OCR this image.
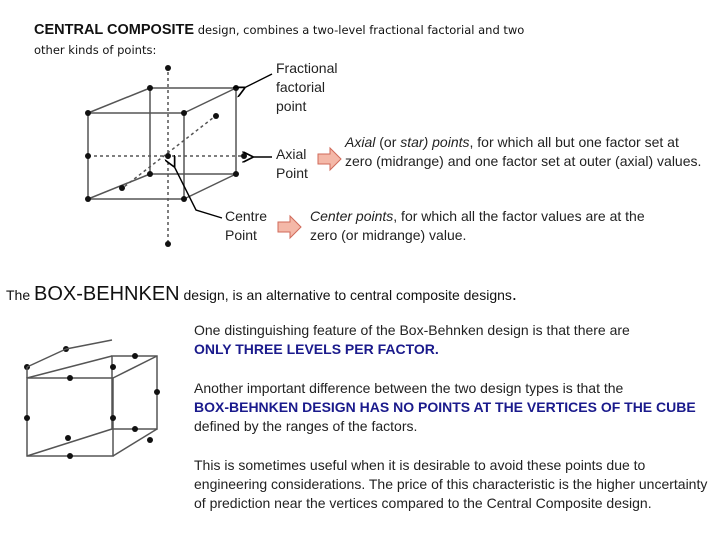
CENTRAL COMPOSITE design, combines a two-level fractional factorial and two
other kinds of points:
Fractional
factorial
point
Axial
Point
Centre
Point
Axial (or star) points, for which all but one factor set at zero (midrange) and one factor set at outer (axial) values.
Center points, for which all the factor values are at the zero (or midrange) value.
The BOX-BEHNKEN design, is an alternative to central composite designs.
One distinguishing feature of the Box-Behnken design is that there are
ONLY THREE LEVELS PER FACTOR.
Another important difference between the two design types is that the
BOX-BEHNKEN DESIGN HAS NO POINTS AT THE VERTICES OF THE CUBE defined by the ranges of the factors.
This is sometimes useful when it is desirable to avoid these points due to engineering considerations. The price of this characteristic is the higher uncertainty of prediction near the vertices compared to the Central Composite design.
